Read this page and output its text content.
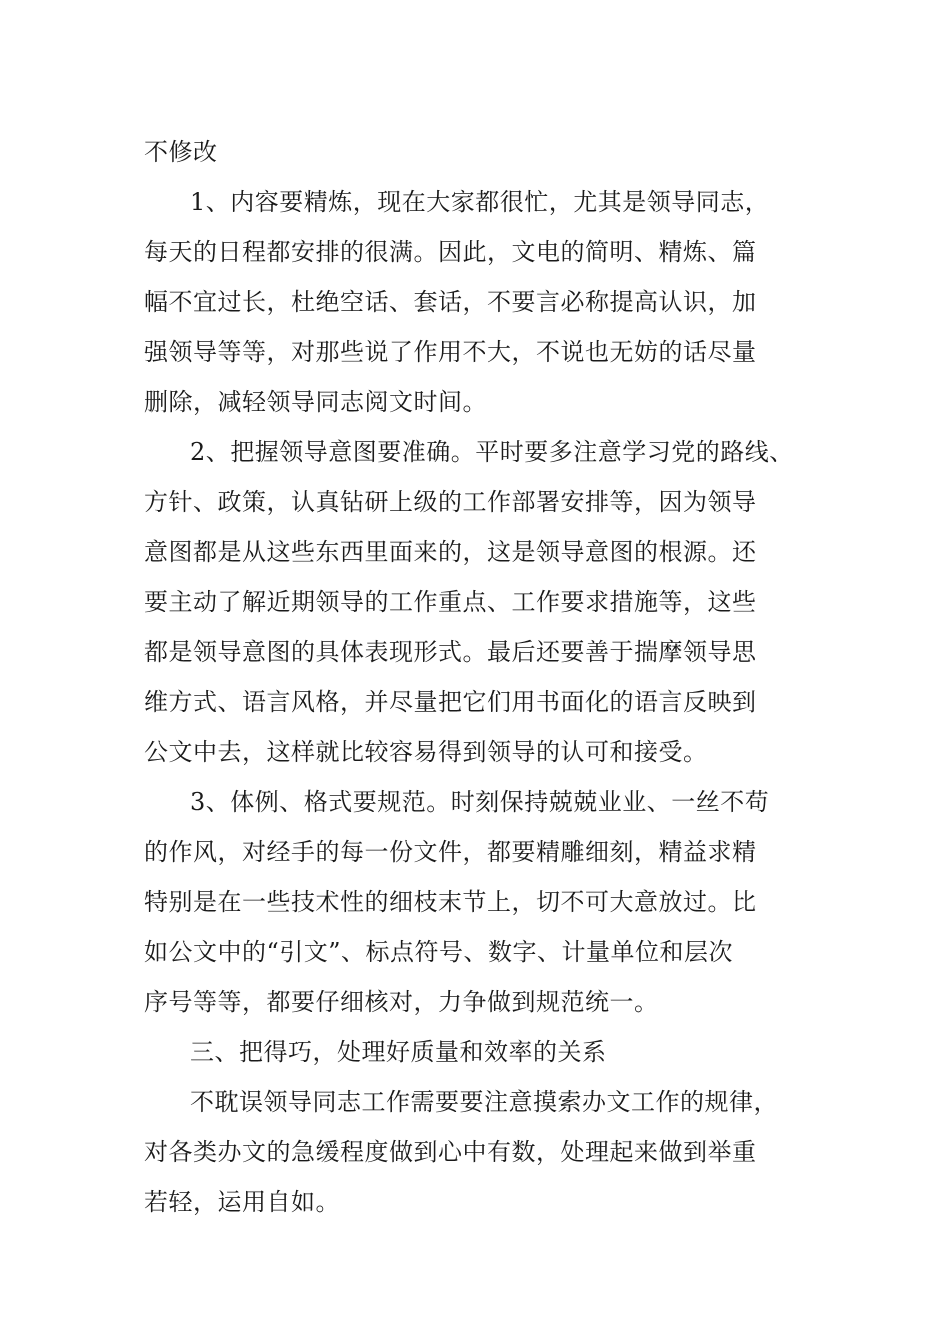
不修改
1、内容要精炼，现在大家都很忙，尤其是领导同志，
每天的日程都安排的很满。因此，文电的简明、精炼、篇
幅不宜过长，杜绝空话、套话，不要言必称提高认识，加
强领导等等，对那些说了作用不大，不说也无妨的话尽量
删除，减轻领导同志阅文时间。
2、把握领导意图要准确。平时要多注意学习党的路线、
方针、政策，认真钻研上级的工作部署安排等，因为领导
意图都是从这些东西里面来的，这是领导意图的根源。还
要主动了解近期领导的工作重点、工作要求措施等，这些
都是领导意图的具体表现形式。最后还要善于揣摩领导思
维方式、语言风格，并尽量把它们用书面化的语言反映到
公文中去，这样就比较容易得到领导的认可和接受。
3、体例、格式要规范。时刻保持兢兢业业、一丝不苟
的作风，对经手的每一份文件，都要精雕细刻，精益求精
特别是在一些技术性的细枝末节上，切不可大意放过。比
如公文中的“引文”、标点符号、数字、计量单位和层次
序号等等，都要仔细核对，力争做到规范统一。
三、把得巧，处理好质量和效率的关系
不耽误领导同志工作需要要注意摸索办文工作的规律，
对各类办文的急缓程度做到心中有数，处理起来做到举重
若轻，运用自如。
